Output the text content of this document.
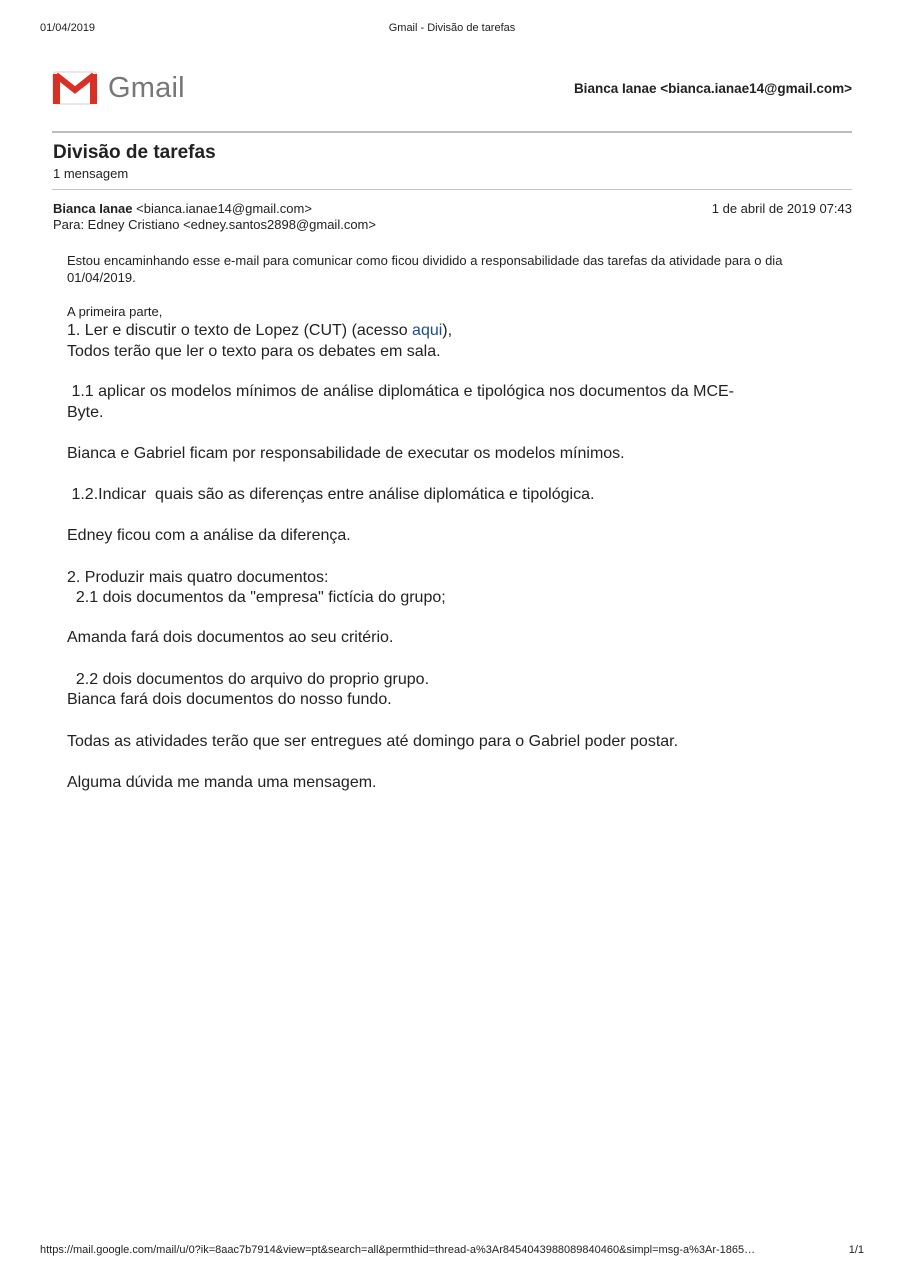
01/04/2019	Gmail - Divisão de tarefas
Gmail	Bianca Ianae <bianca.ianae14@gmail.com>
Divisão de tarefas
1 mensagem
Bianca Ianae <bianca.ianae14@gmail.com>	1 de abril de 2019 07:43
Para: Edney Cristiano <edney.santos2898@gmail.com>
Estou encaminhando esse e-mail para comunicar como ficou dividido a responsabilidade das tarefas da atividade para o dia 01/04/2019.
A primeira parte,
1. Ler e discutir o texto de Lopez (CUT) (acesso aqui),
Todos terão que ler o texto para os debates em sala.
1.1 aplicar os modelos mínimos de análise diplomática e tipológica nos documentos da MCE-
Byte.
Bianca e Gabriel ficam por responsabilidade de executar os modelos mínimos.
1.2.Indicar  quais são as diferenças entre análise diplomática e tipológica.
Edney ficou com a análise da diferença.
2. Produzir mais quatro documentos:
2.1 dois documentos da "empresa" fictícia do grupo;
Amanda fará dois documentos ao seu critério.
2.2 dois documentos do arquivo do proprio grupo.
Bianca fará dois documentos do nosso fundo.
Todas as atividades terão que ser entregues até domingo para o Gabriel poder postar.
Alguma dúvida me manda uma mensagem.
https://mail.google.com/mail/u/0?ik=8aac7b7914&view=pt&search=all&permthid=thread-a%3Ar8454043988089840460&simpl=msg-a%3Ar-1865…	1/1
